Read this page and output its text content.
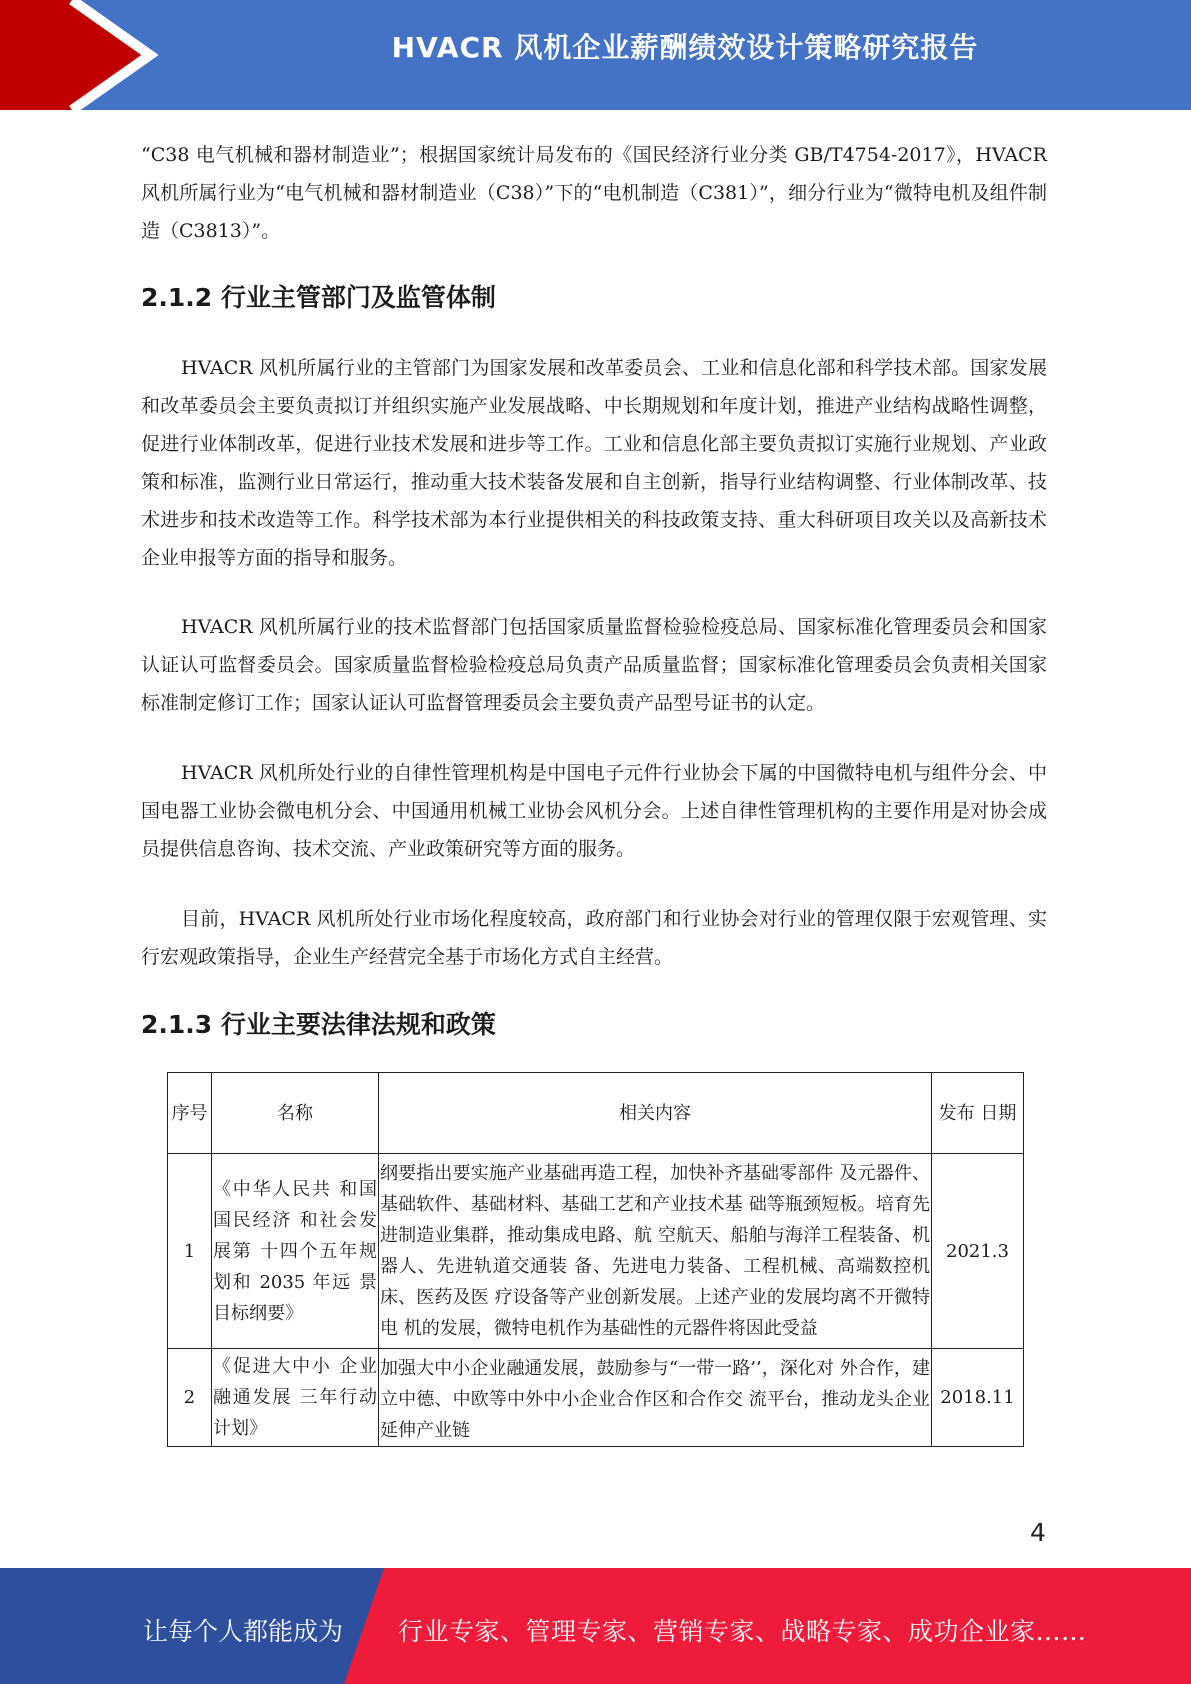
HVACR 风机企业薪酬绩效设计策略研究报告

“C38 电气机械和器材制造业”；根据国家统计局发布的《国民经济行业分类 GB/T4754-2017》，HVACR 风机所属行业为“电气机械和器材制造业（C38）”下的“电机制造（C381）”，细分行业为“微特电机及组件制造（C3813）”。

2.1.2 行业主管部门及监管体制

HVACR 风机所属行业的主管部门为国家发展和改革委员会、工业和信息化部和科学技术部。国家发展和改革委员会主要负责拟订并组织实施产业发展战略、中长期规划和年度计划，推进产业结构战略性调整，促进行业体制改革，促进行业技术发展和进步等工作。工业和信息化部主要负责拟订实施行业规划、产业政策和标准，监测行业日常运行，推动重大技术装备发展和自主创新，指导行业结构调整、行业体制改革、技术进步和技术改造等工作。科学技术部为本行业提供相关的科技政策支持、重大科研项目攻关以及高新技术企业申报等方面的指导和服务。

HVACR 风机所属行业的技术监督部门包括国家质量监督检验检疫总局、国家标准化管理委员会和国家认证认可监督委员会。国家质量监督检验检疫总局负责产品质量监督；国家标准化管理委员会负责相关国家标准制定修订工作；国家认证认可监督管理委员会主要负责产品型号证书的认定。

HVACR 风机所处行业的自律性管理机构是中国电子元件行业协会下属的中国微特电机与组件分会、中国电器工业协会微电机分会、中国通用机械工业协会风机分会。上述自律性管理机构的主要作用是对协会成员提供信息咨询、技术交流、产业政策研究等方面的服务。

目前，HVACR 风机所处行业市场化程度较高，政府部门和行业协会对行业的管理仅限于宏观管理、实行宏观政策指导，企业生产经营完全基于市场化方式自主经营。

2.1.3 行业主要法律法规和政策
序号	名称	相关内容	发布 日期
1	《中华人民共 和国国民经济 和社会发展第 十四个五年规 划和 2035 年远 景目标纲要》	纲要指出要实施产业基础再造工程，加快补齐基础零部件 及元器件、基础软件、基础材料、基础工艺和产业技术基 础等瓶颈短板。培育先进制造业集群，推动集成电路、航 空航天、船舶与海洋工程装备、机器人、先进轨道交通装 备、先进电力装备、工程机械、高端数控机床、医药及医 疗设备等产业创新发展。上述产业的发展均离不开微特电 机的发展，微特电机作为基础性的元器件将因此受益	2021.3
2	《促进大中小 企业融通发展 三年行动计划》	加强大中小企业融通发展，鼓励参与“一带一路’’，深化对 外合作，建立中德、中欧等中外中小企业合作区和合作交 流平台，推动龙头企业延伸产业链	2018.11
4
让每个人都能成为 行业专家、管理专家、营销专家、战略专家、成功企业家……
